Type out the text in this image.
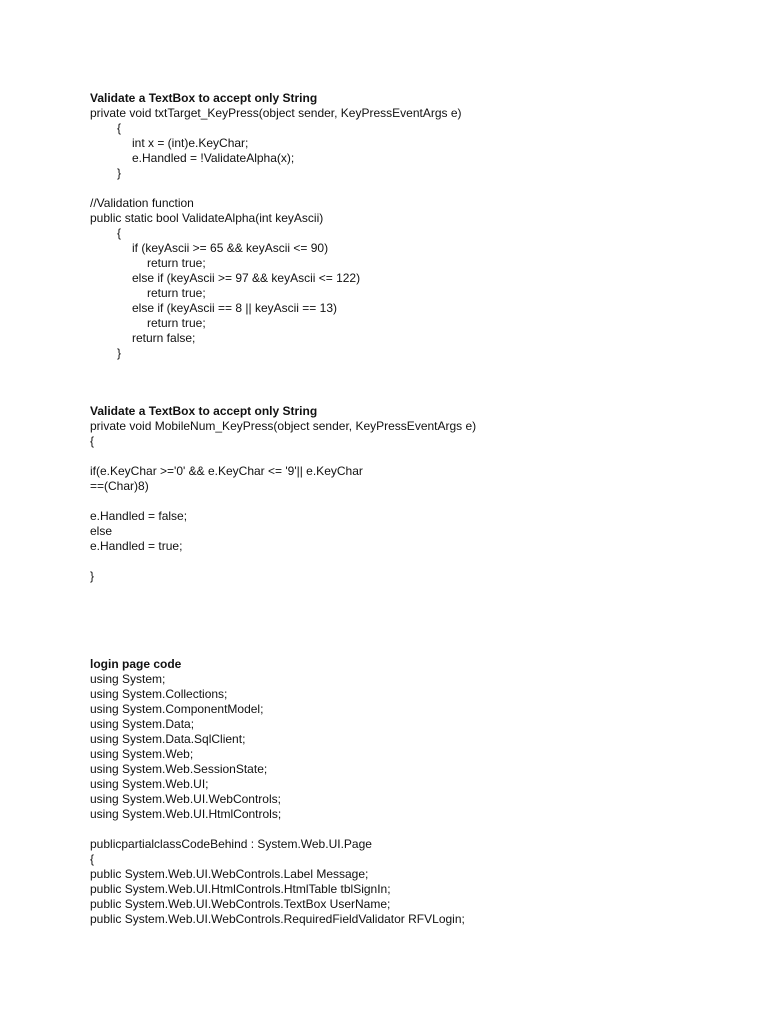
Validate a TextBox to accept only String
private void txtTarget_KeyPress(object sender, KeyPressEventArgs e)
{
int x = (int)e.KeyChar;
e.Handled = !ValidateAlpha(x);
}
//Validation function
public static bool ValidateAlpha(int keyAscii)
{
if (keyAscii >= 65 && keyAscii <= 90)
return true;
else if (keyAscii >= 97 && keyAscii <= 122)
return true;
else if (keyAscii == 8 || keyAscii == 13)
return true;
return false;
}
Validate a TextBox to accept only String
private void MobileNum_KeyPress(object sender, KeyPressEventArgs e)
{
if(e.KeyChar >='0' && e.KeyChar <= '9'|| e.KeyChar
==(Char)8)
e.Handled = false;
else
e.Handled = true;
}
login page code
using System;
using System.Collections;
using System.ComponentModel;
using System.Data;
using System.Data.SqlClient;
using System.Web;
using System.Web.SessionState;
using System.Web.UI;
using System.Web.UI.WebControls;
using System.Web.UI.HtmlControls;
publicpartialclassCodeBehind : System.Web.UI.Page
{
public System.Web.UI.WebControls.Label Message;
public System.Web.UI.HtmlControls.HtmlTable tblSignIn;
public System.Web.UI.WebControls.TextBox UserName;
public System.Web.UI.WebControls.RequiredFieldValidator RFVLogin;
